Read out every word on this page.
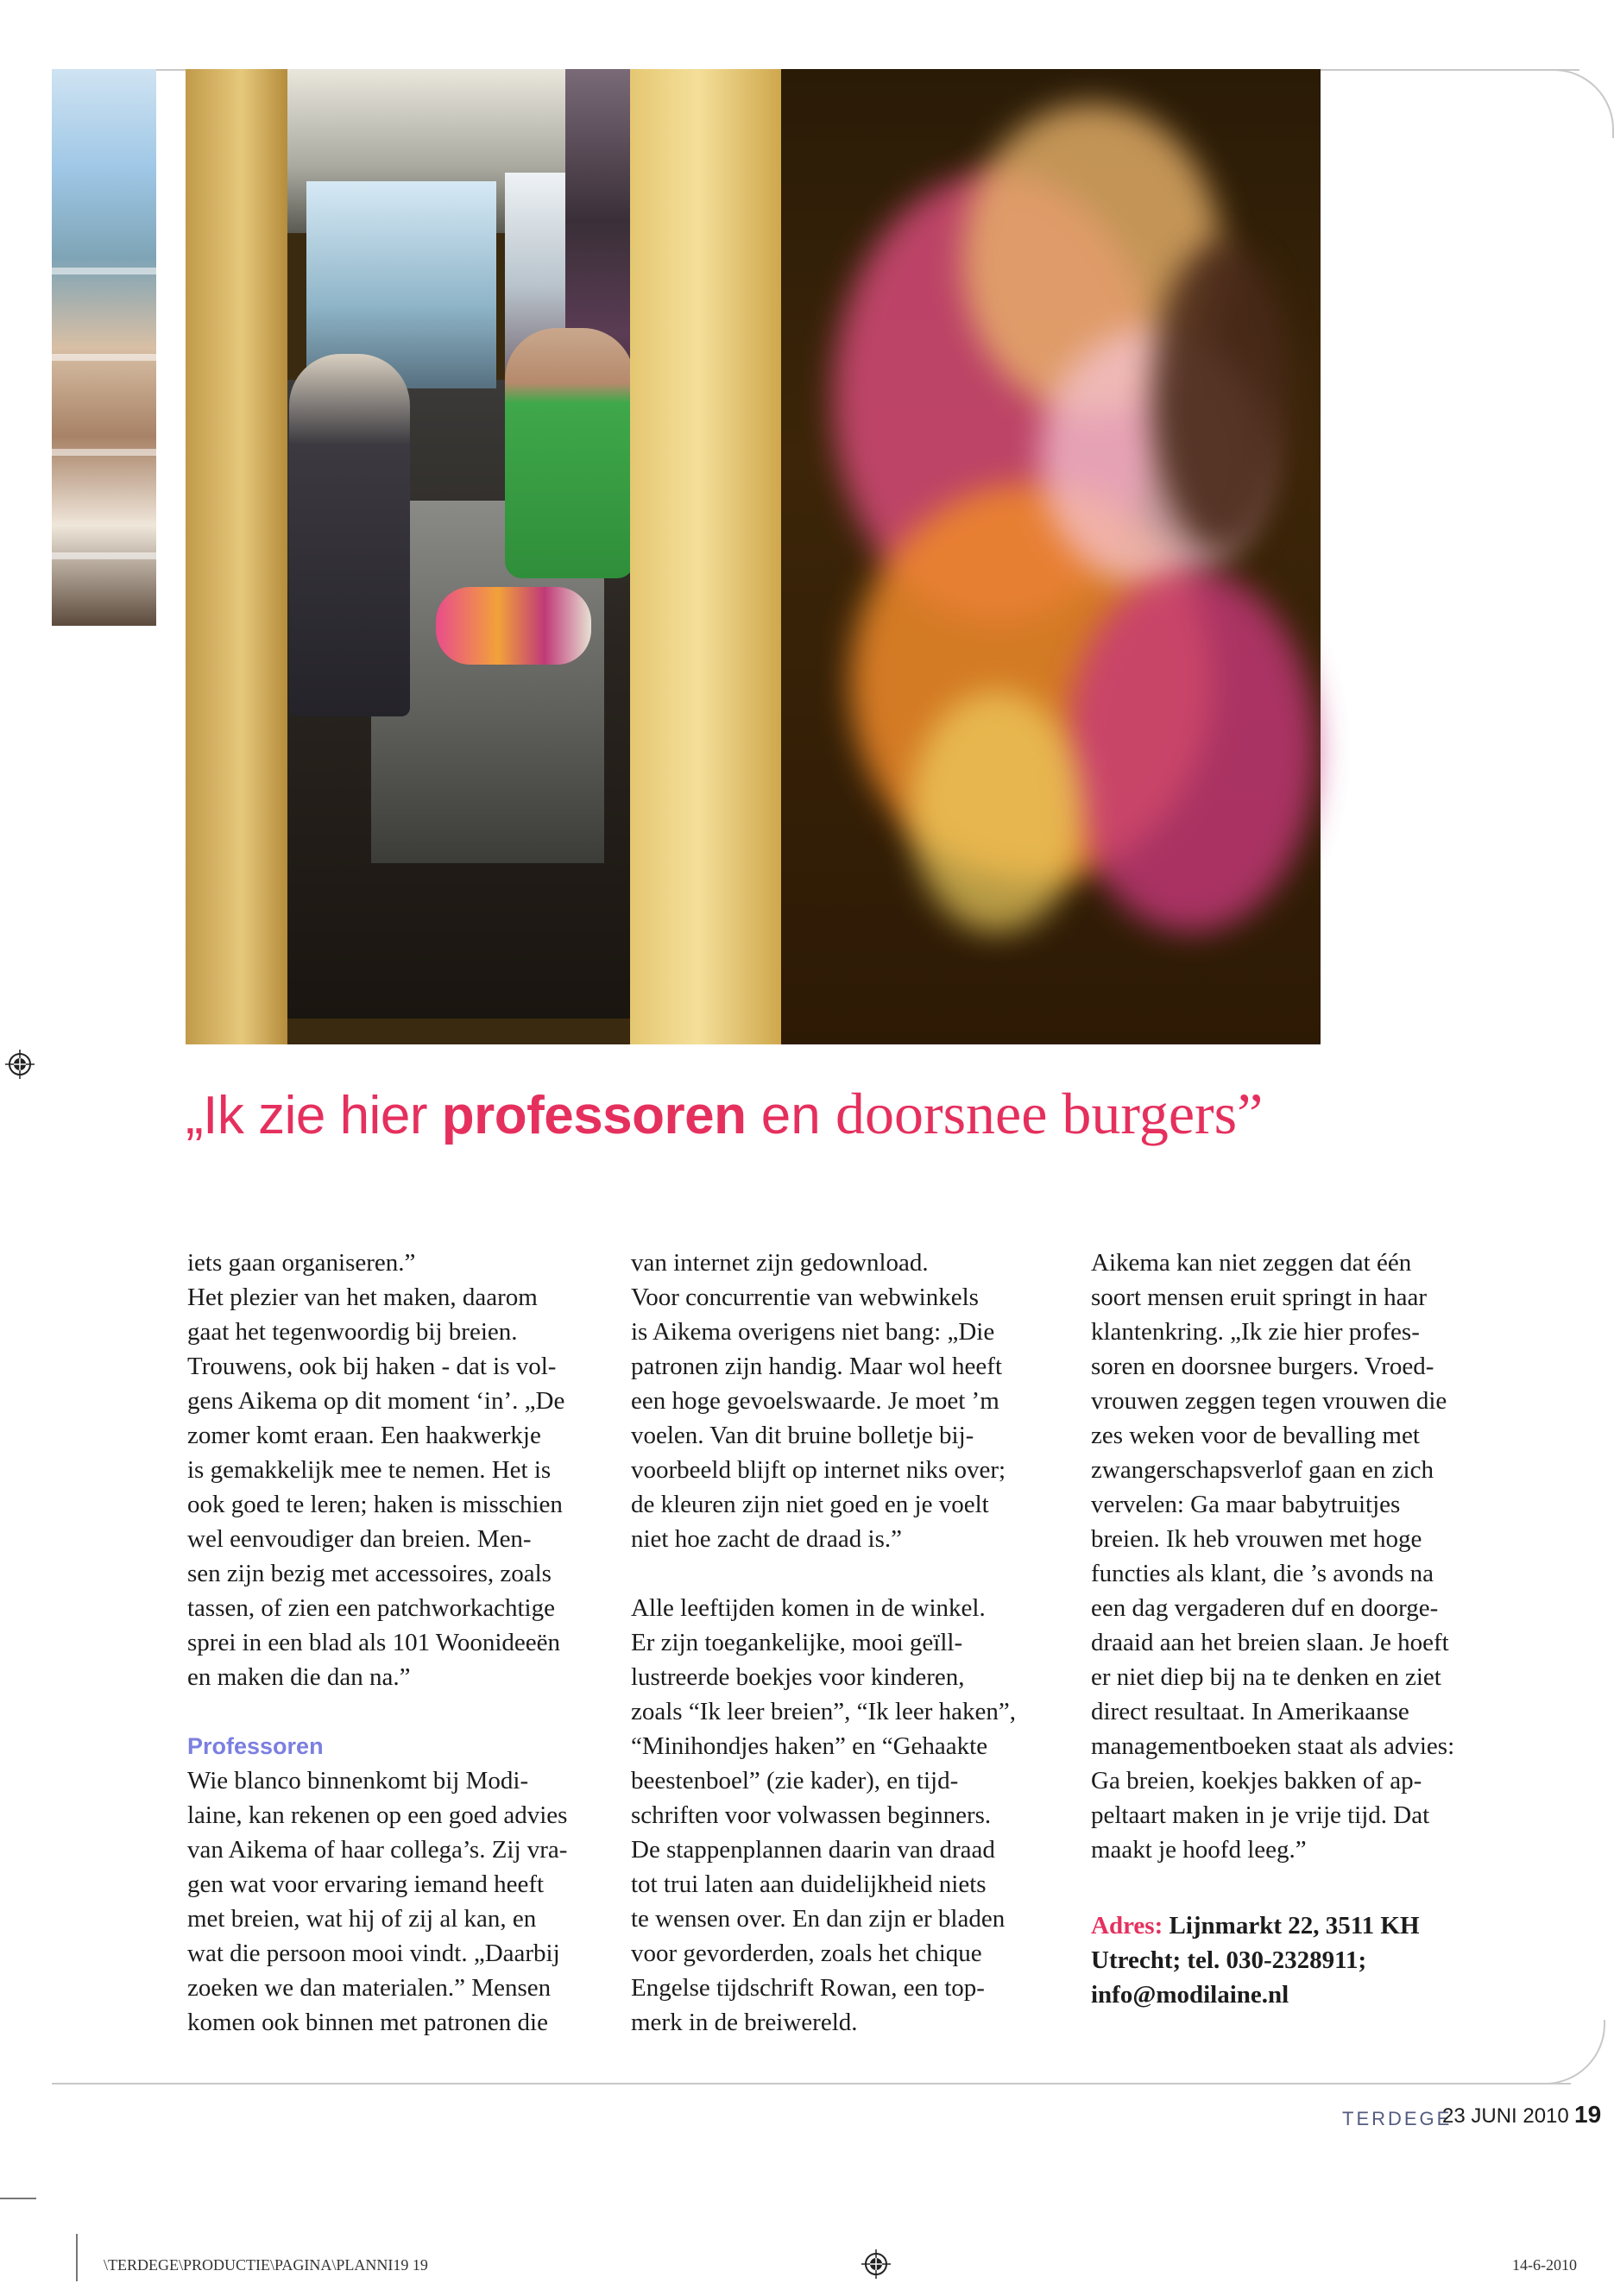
„Ik zie hier professoren en doorsnee burgers”

iets gaan organiseren.”

Het plezier van het maken, daarom

gaat het tegenwoordig bij breien.

Trouwens, ook bij haken - dat is vol-

gens Aikema op dit moment ‘in’. „De

zomer komt eraan. Een haakwerkje

is gemakkelijk mee te nemen. Het is

ook goed te leren; haken is misschien

wel eenvoudiger dan breien. Men-

sen zijn bezig met accessoires, zoals

tassen, of zien een patchworkachtige

sprei in een blad als 101 Woonideeën

en maken die dan na.”

Professoren

Wie blanco binnenkomt bij Modi-

laine, kan rekenen op een goed advies

van Aikema of haar collega’s. Zij vra-

gen wat voor ervaring iemand heeft

met breien, wat hij of zij al kan, en

wat die persoon mooi vindt. „Daarbij

zoeken we dan materialen.” Mensen

komen ook binnen met patronen die

van internet zijn gedownload.

Voor concurrentie van webwinkels

is Aikema overigens niet bang: „Die

patronen zijn handig. Maar wol heeft

een hoge gevoelswaarde. Je moet ’m

voelen. Van dit bruine bolletje bij-

voorbeeld blijft op internet niks over;

de kleuren zijn niet goed en je voelt

niet hoe zacht de draad is.”

Alle leeftijden komen in de winkel.

Er zijn toegankelijke, mooi geïll-

lustreerde boekjes voor kinderen,

zoals “Ik leer breien”, “Ik leer haken”,

“Minihondjes haken” en “Gehaakte

beestenboel” (zie kader), en tijd-

schriften voor volwassen beginners.

De stappenplannen daarin van draad

tot trui laten aan duidelijkheid niets

te wensen over. En dan zijn er bladen

voor gevorderden, zoals het chique

Engelse tijdschrift Rowan, een top-

merk in de breiwereld.

Aikema kan niet zeggen dat één

soort mensen eruit springt in haar

klantenkring. „Ik zie hier profes-

soren en doorsnee burgers. Vroed-

vrouwen zeggen tegen vrouwen die

zes weken voor de bevalling met

zwangerschapsverlof gaan en zich

vervelen: Ga maar babytruitjes

breien. Ik heb vrouwen met hoge

functies als klant, die ’s avonds na

een dag vergaderen duf en doorge-

draaid aan het breien slaan. Je hoeft

er niet diep bij na te denken en ziet

direct resultaat. In Amerikaanse

managementboeken staat als advies:

Ga breien, koekjes bakken of ap-

peltaart maken in je vrije tijd. Dat

maakt je hoofd leeg.”

Adres: Lijnmarkt 22, 3511 KH

Utrecht; tel. 030-2328911;

info@modilaine.nl

TERDEGE
23 JUNI 2010 19
\TERDEGE\PRODUCTIE\PAGINA\PLANNI19 19	14-6-2010
